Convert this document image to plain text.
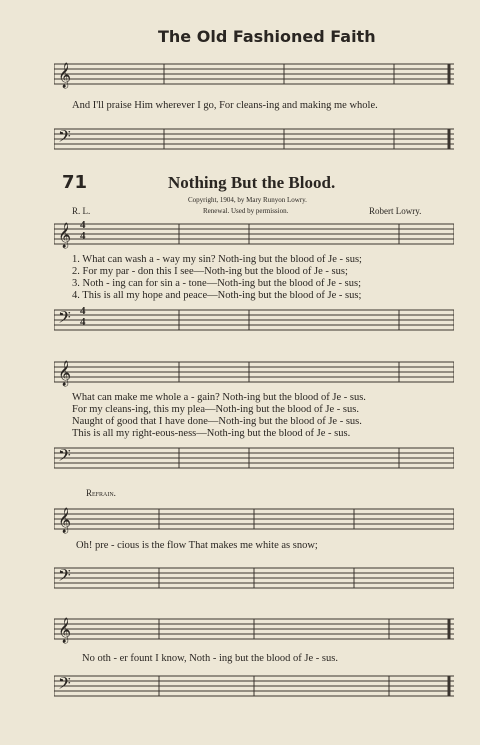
The Old Fashioned Faith
𝄞
And I'll praise Him wherever I go, For cleans-ing and making me whole.
𝄢
71	Nothing But the Blood.
Copyright, 1904, by Mary Runyon Lowry.
Renewal. Used by permission.
R. L.	Robert Lowry.
𝄞 4
4
1. What can wash a - way my sin? Noth-ing but the blood of Je - sus;
2. For my par - don this I see—Noth-ing but the blood of Je - sus;
3. Noth - ing can for sin a - tone—Noth-ing but the blood of Je - sus;
4. This is all my hope and peace—Noth-ing but the blood of Je - sus;
𝄢 4
4
𝄞
What can make me whole a - gain? Noth-ing but the blood of Je - sus.
For my cleans-ing, this my plea—Noth-ing but the blood of Je - sus.
Naught of good that I have done—Noth-ing but the blood of Je - sus.
This is all my right-eous-ness—Noth-ing but the blood of Je - sus.
𝄢
Refrain.
𝄞
Oh! pre - cious is the flow That makes me white as snow;
𝄢
𝄞
No oth - er fount I know, Noth - ing but the blood of Je - sus.
𝄢
